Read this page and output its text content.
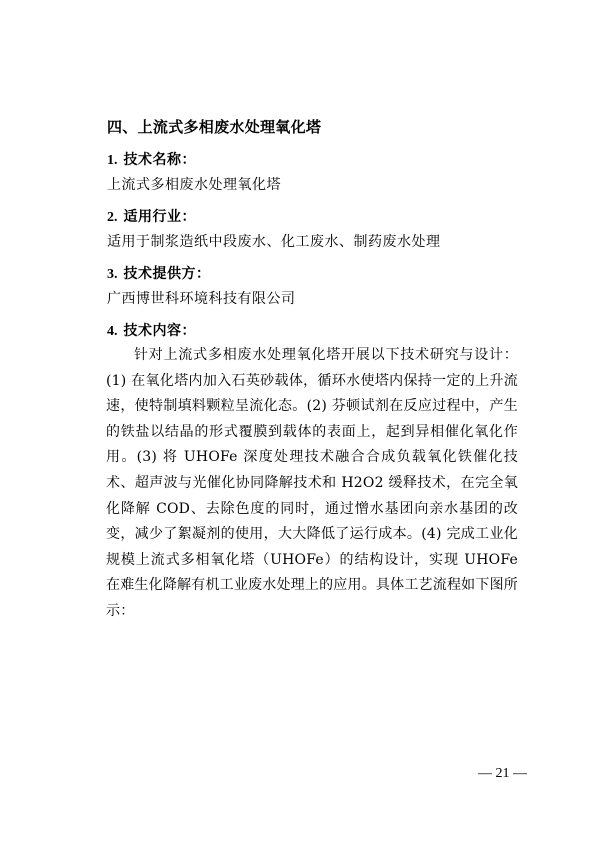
四、上流式多相废水处理氧化塔
1. 技术名称：
上流式多相废水处理氧化塔
2. 适用行业：
适用于制浆造纸中段废水、化工废水、制药废水处理
3. 技术提供方：
广西博世科环境科技有限公司
4. 技术内容：
针对上流式多相废水处理氧化塔开展以下技术研究与设计：(1) 在氧化塔内加入石英砂载体，循环水使塔内保持一定的上升流速，使特制填料颗粒呈流化态。(2) 芬顿试剂在反应过程中，产生的铁盐以结晶的形式覆膜到载体的表面上，起到异相催化氧化作用。(3) 将 UHOFe 深度处理技术融合合成负载氧化铁催化技术、超声波与光催化协同降解技术和 H2O2 缓释技术，在完全氧化降解 COD、去除色度的同时，通过憎水基团向亲水基团的改变，减少了絮凝剂的使用，大大降低了运行成本。(4) 完成工业化规模上流式多相氧化塔（UHOFe）的结构设计，实现 UHOFe 在难生化降解有机工业废水处理上的应用。具体工艺流程如下图所示：
— 21 —
